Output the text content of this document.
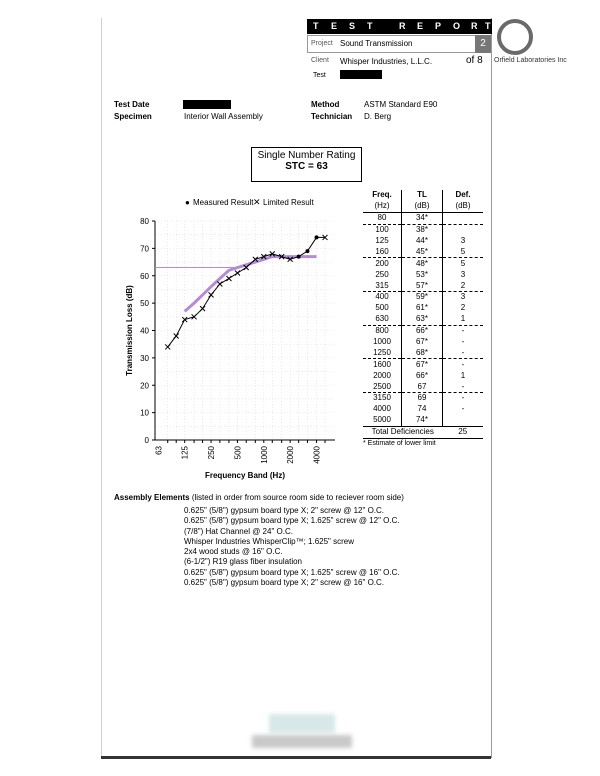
T E S T	R E P O R T
Project Sound Transmission	2
Client Whisper Industries, L.L.C.	of 8
Test
Orfield Laboratories Inc
Test Date
Specimen	Interior Wall Assembly
Method	ASTM Standard E90
Technician D. Berg
Single Number Rating
STC = 63
● Measured Result ✕ Limited Result
0
10
20
30
40
50
60
70
80
63 125 250 500 1000 2000 4000
Frequency Band (Hz)
Transmission Loss (dB)
Freq.	TL	Def.
(Hz)	(dB)	(dB)
80	34*	
100	38*	
125	44*	3
160	45*	5
200	48*	5
250	53*	3
315	57*	2
400	59*	3
500	61*	2
630	63*	1
800	66*	-
1000	67*	-
1250	68*	-
1600	67*	-
2000	66*	1
2500	67	-
3150	69	-
4000	74	-
5000	74*	
Total Deficiencies		25
* Estimate of lower limit		
Assembly Elements (listed in order from source room side to reciever room side)
0.625" (5/8") gypsum board type X; 2" screw @ 12" O.C.
0.625" (5/8") gypsum board type X; 1.625" screw @ 12" O.C.
(7/8") Hat Channel @ 24" O.C.
Whisper Industries WhisperClip™; 1.625" screw
2x4 wood studs @ 16" O.C.
(6-1/2") R19 glass fiber insulation
0.625" (5/8") gypsum board type X; 1.625" screw @ 16" O.C.
0.625" (5/8") gypsum board type X; 2" screw @ 16" O.C.
